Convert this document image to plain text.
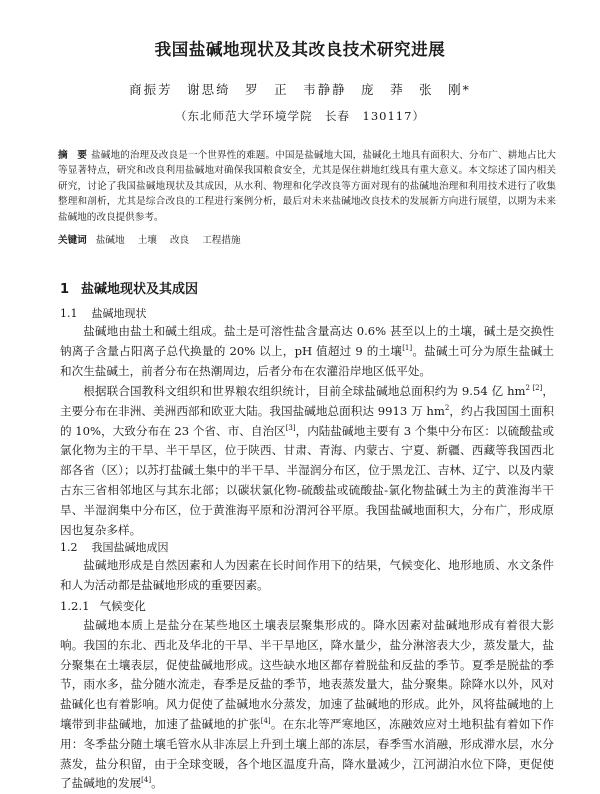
我国盐碱地现状及其改良技术研究进展
商振芳　谢思绮　罗　正　韦静静　庞　莽　张　刚*
（东北师范大学环境学院　长春　130117）
摘　要 盐碱地的治理及改良是一个世界性的难题。中国是盐碱地大国，盐碱化土地具有面积大、分布广、耕地占比大等显著特点，研究和改良利用盐碱地对确保我国粮食安全，尤其是保住耕地红线具有重大意义。本文综述了国内相关研究，讨论了我国盐碱地现状及其成因，从水利、物理和化学改良等方面对现有的盐碱地治理和利用技术进行了收集整理和剖析，尤其是综合改良的工程进行案例分析，最后对未来盐碱地改良技术的发展新方向进行展望，以期为未来盐碱地的改良提供参考。
关键词 盐碱地 土壤 改良 工程措施
1 盐碱地现状及其成因
1.1 盐碱地现状
盐碱地由盐土和碱土组成。盐土是可溶性盐含量高达 0.6% 甚至以上的土壤，碱土是交换性钠离子含量占阳离子总代换量的 20% 以上，pH 值超过 9 的土壤[1]。盐碱土可分为原生盐碱土和次生盐碱土，前者分布在热潮周边，后者分布在农灌沿岸地区低平处。
根据联合国教科文组织和世界粮农组织统计，目前全球盐碱地总面积约为 9.54 亿 $hm^{2 [2]}$，主要分布在非洲、美洲西部和欧亚大陆。我国盐碱地总面积达 9913 万 $hm^2$，约占我国国土面积的 10%，大致分布在 23 个省、市、自治区[3]，内陆盐碱地主要有 3 个集中分布区：以硫酸盐或氯化物为主的干旱、半干旱区，位于陕西、甘肃、青海、内蒙古、宁夏、新疆、西藏等我国西北部各省（区）；以苏打盐碱土集中的半干旱、半湿润分布区，位于黑龙江、吉林、辽宁、以及内蒙古东三省相邻地区与其东北部；以碳状氯化物-硫酸盐或硫酸盐-氯化物盐碱土为主的黄淮海半干旱、半湿润集中分布区，位于黄淮海平原和汾渭河谷平原。我国盐碱地面积大，分布广，形成原因也复杂多样。
1.2 我国盐碱地成因
盐碱地形成是自然因素和人为因素在长时间作用下的结果，气候变化、地形地质、水文条件和人为活动都是盐碱地形成的重要因素。
1.2.1 气候变化
盐碱地本质上是盐分在某些地区土壤表层聚集形成的。降水因素对盐碱地形成有着很大影响。我国的东北、西北及华北的干旱、半干旱地区，降水量少，盐分淋溶表大少，蒸发量大，盐分聚集在土壤表层，促使盐碱地形成。这些缺水地区都存着脱盐和反盐的季节。夏季是脱盐的季节，雨水多，盐分随水流走，春季是反盐的季节，地表蒸发量大，盐分聚集。除降水以外，风对盐碱化也有着影响。风力促使了盐碱地水分蒸发，加速了盐碱地的形成。此外，风将盐碱地的上壤带到非盐碱地，加速了盐碱地的扩张[4]。在东北等严寒地区，冻融效应对土地积盐有着如下作用：冬季盐分随土壤毛管水从非冻层上升到土壤上部的冻层，春季雪水消融，形成滞水层，水分蒸发，盐分积留，由于全球变暖，各个地区温度升高，降水量减少，江河湖泊水位下降，更促使了盐碱地的发展[4]。
